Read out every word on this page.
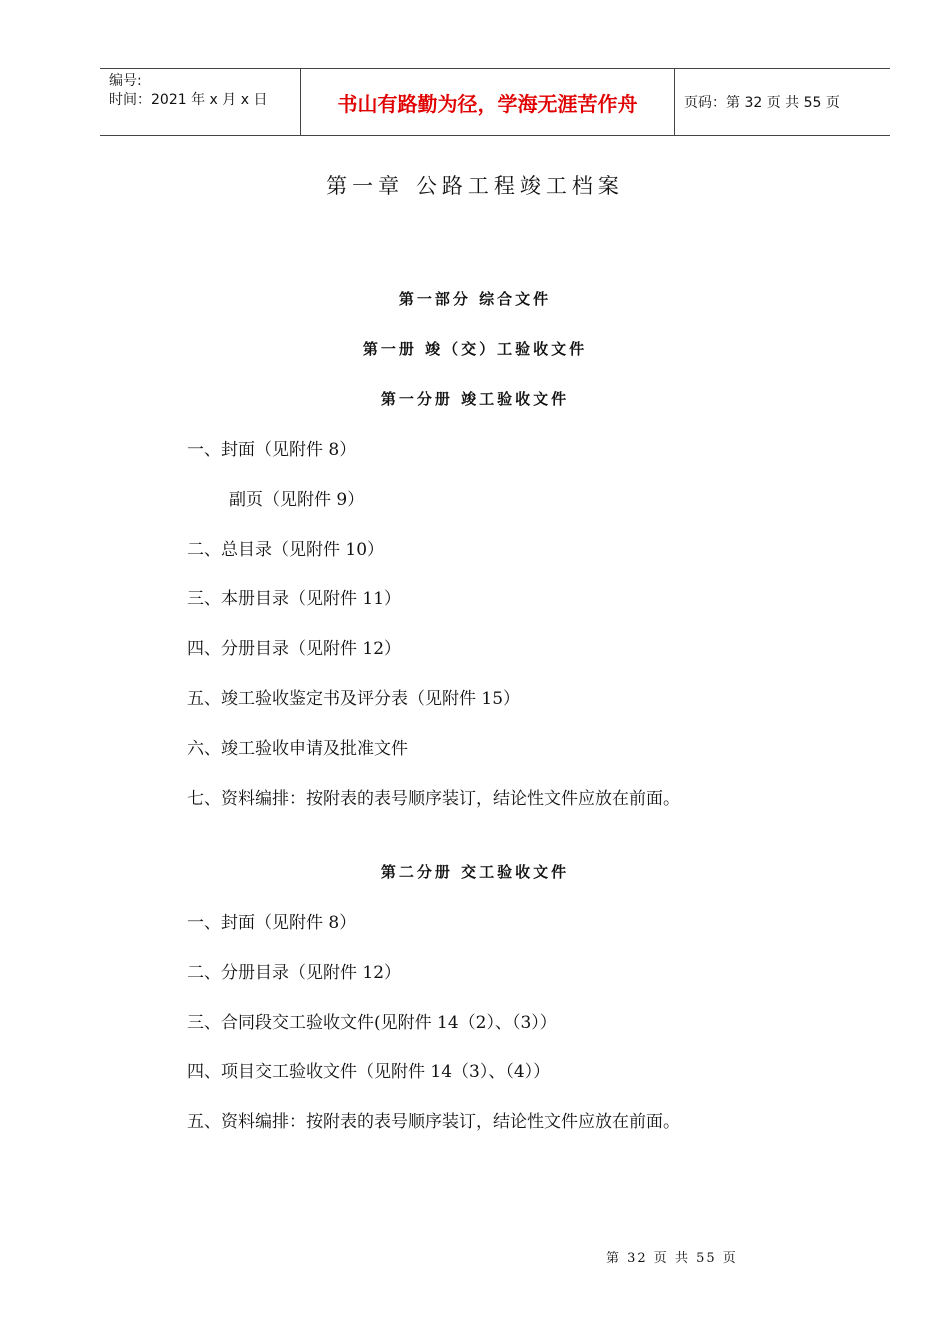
编号:
时间：2021 年 x 月 x 日	书山有路勤为径，学海无涯苦作舟	页码：第 32 页 共 55 页
第一章 公路工程竣工档案
第一部分 综合文件
第一册 竣（交）工验收文件
第一分册 竣工验收文件
一、封面（见附件 8）
副页（见附件 9）
二、总目录（见附件 10）
三、本册目录（见附件 11）
四、分册目录（见附件 12）
五、竣工验收鉴定书及评分表（见附件 15）
六、竣工验收申请及批准文件
七、资料编排：按附表的表号顺序装订，结论性文件应放在前面。
第二分册 交工验收文件
一、封面（见附件 8）
二、分册目录（见附件 12）
三、合同段交工验收文件(见附件 14（2）、（3））
四、项目交工验收文件（见附件 14（3）、（4））
五、资料编排：按附表的表号顺序装订，结论性文件应放在前面。
第 32 页 共 55 页
